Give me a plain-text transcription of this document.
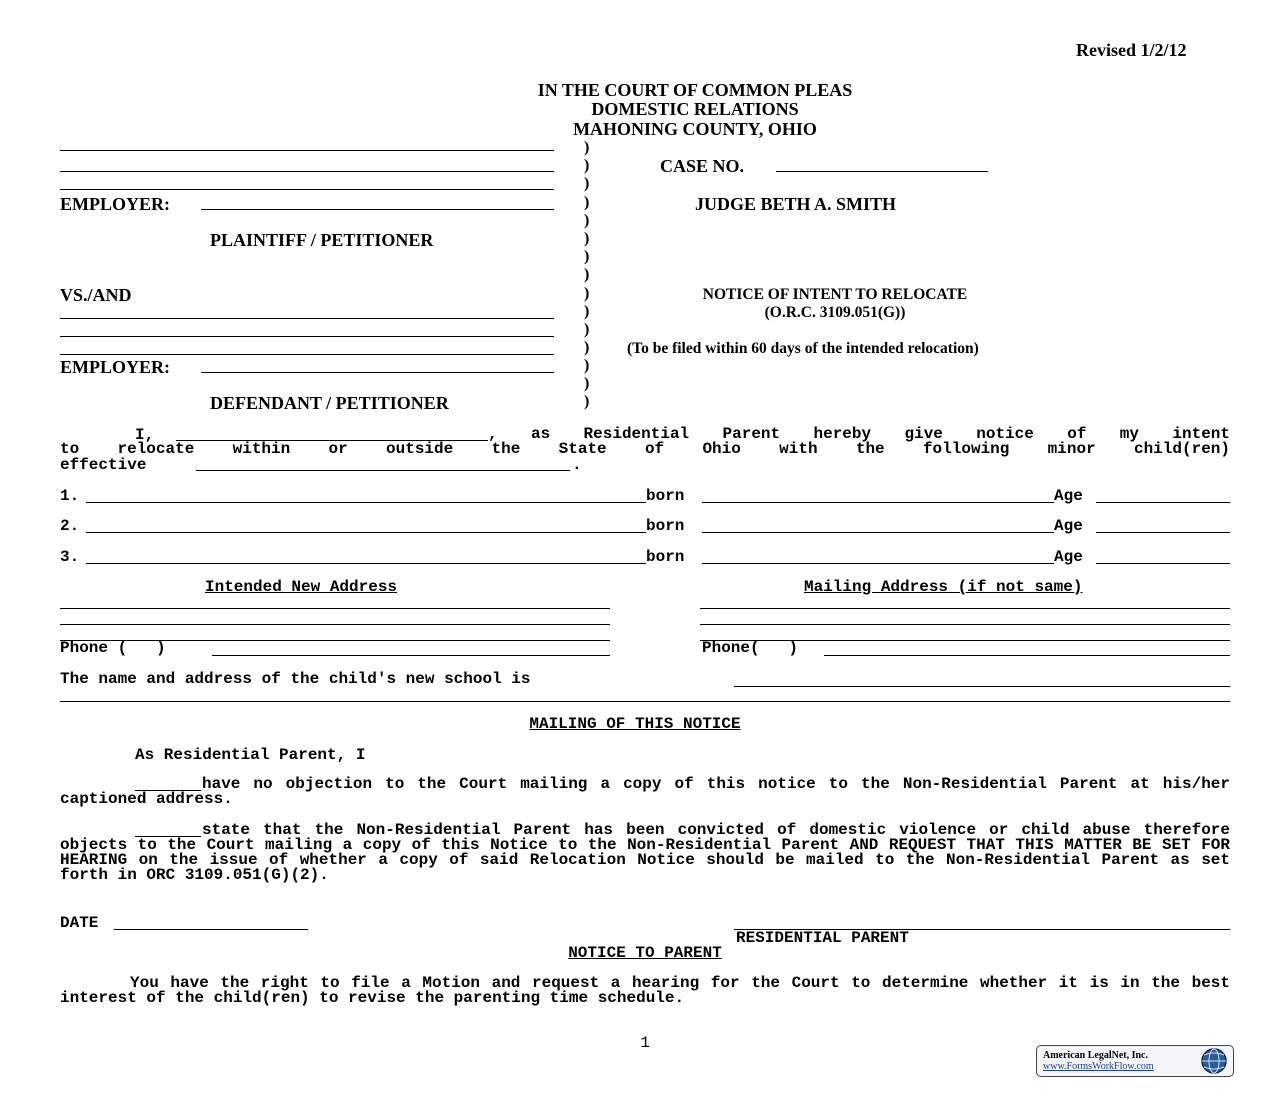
Revised 1/2/12
IN THE COURT OF COMMON PLEAS
DOMESTIC RELATIONS
MAHONING COUNTY, OHIO
EMPLOYER:
PLAINTIFF / PETITIONER
VS./AND
EMPLOYER:
DEFENDANT / PETITIONER
)
)
)
)
)
)
)
)
)
)
)
)
)
)
)
CASE NO.
JUDGE BETH A. SMITH
NOTICE OF INTENT TO RELOCATE
(O.R.C. 3109.051(G))
(To be filed within 60 days of the intended relocation)
I,	, as Residential Parent hereby give notice of my intent
to relocate within or outside the State of Ohio with the following minor child(ren)
effective	.
1.	born	Age
2.	born	Age
3.	born	Age
Intended New Address	Mailing Address (if not same)
Phone (   )	Phone(   )
The name and address of the child's new school is
MAILING OF THIS NOTICE
As Residential Parent, I
have no objection to the Court mailing a copy of this notice to the Non-Residential Parent at his/her captioned address.
state that the Non-Residential Parent has been convicted of domestic violence or child abuse therefore objects to the Court mailing a copy of this Notice to the Non-Residential Parent AND REQUEST THAT THIS MATTER BE SET FOR HEARING on the issue of whether a copy of said Relocation Notice should be mailed to the Non-Residential Parent as set forth in ORC 3109.051(G)(2).
DATE
RESIDENTIAL PARENT
NOTICE TO PARENT
You have the right to file a Motion and request a hearing for the Court to determine whether it is in the best interest of the child(ren) to revise the parenting time schedule.
1
American LegalNet, Inc.
www.FormsWorkFlow.com
